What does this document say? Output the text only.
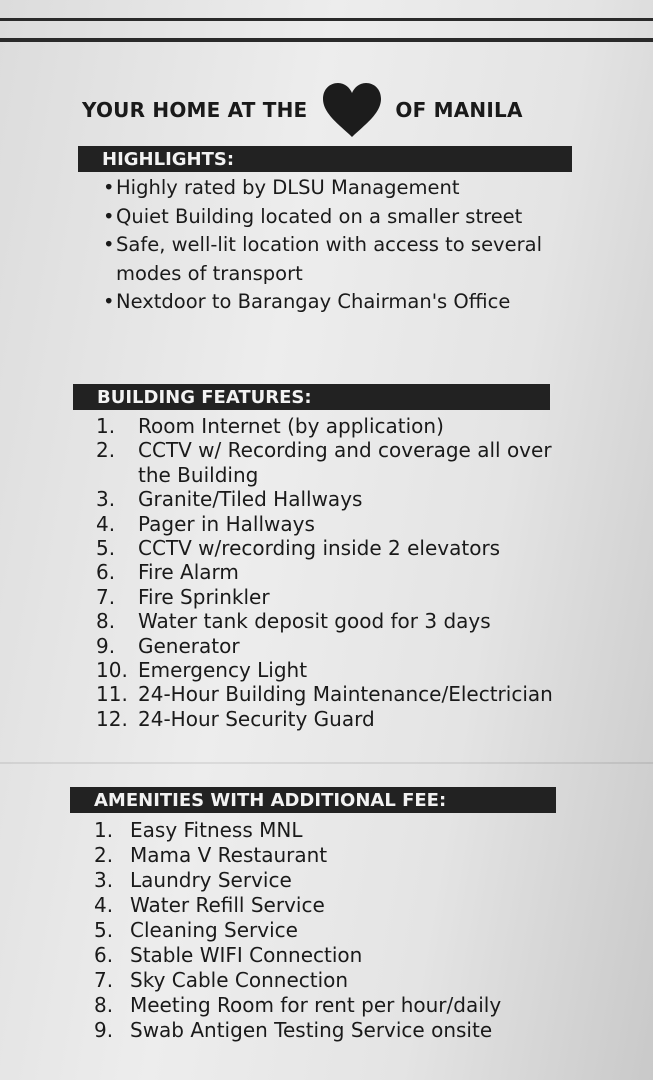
YOUR HOME AT THE	OF MANILA
HIGHLIGHTS:
• Highly rated by DLSU Management
• Quiet Building located on a smaller street
• Safe, well-lit location with access to several
modes of transport
• Nextdoor to Barangay Chairman's Office
BUILDING FEATURES:
1.	Room Internet (by application)
2.	CCTV w/ Recording and coverage all over
the Building
3.	Granite/Tiled Hallways
4.	Pager in Hallways
5.	CCTV w/recording inside 2 elevators
6.	Fire Alarm
7.	Fire Sprinkler
8.	Water tank deposit good for 3 days
9.	Generator
10. Emergency Light
11. 24-Hour Building Maintenance/Electrician
12. 24-Hour Security Guard
AMENITIES WITH ADDITIONAL FEE:
1. Easy Fitness MNL
2. Mama V Restaurant
3. Laundry Service
4. Water Refill Service
5. Cleaning Service
6. Stable WIFI Connection
7. Sky Cable Connection
8. Meeting Room for rent per hour/daily
9. Swab Antigen Testing Service onsite
